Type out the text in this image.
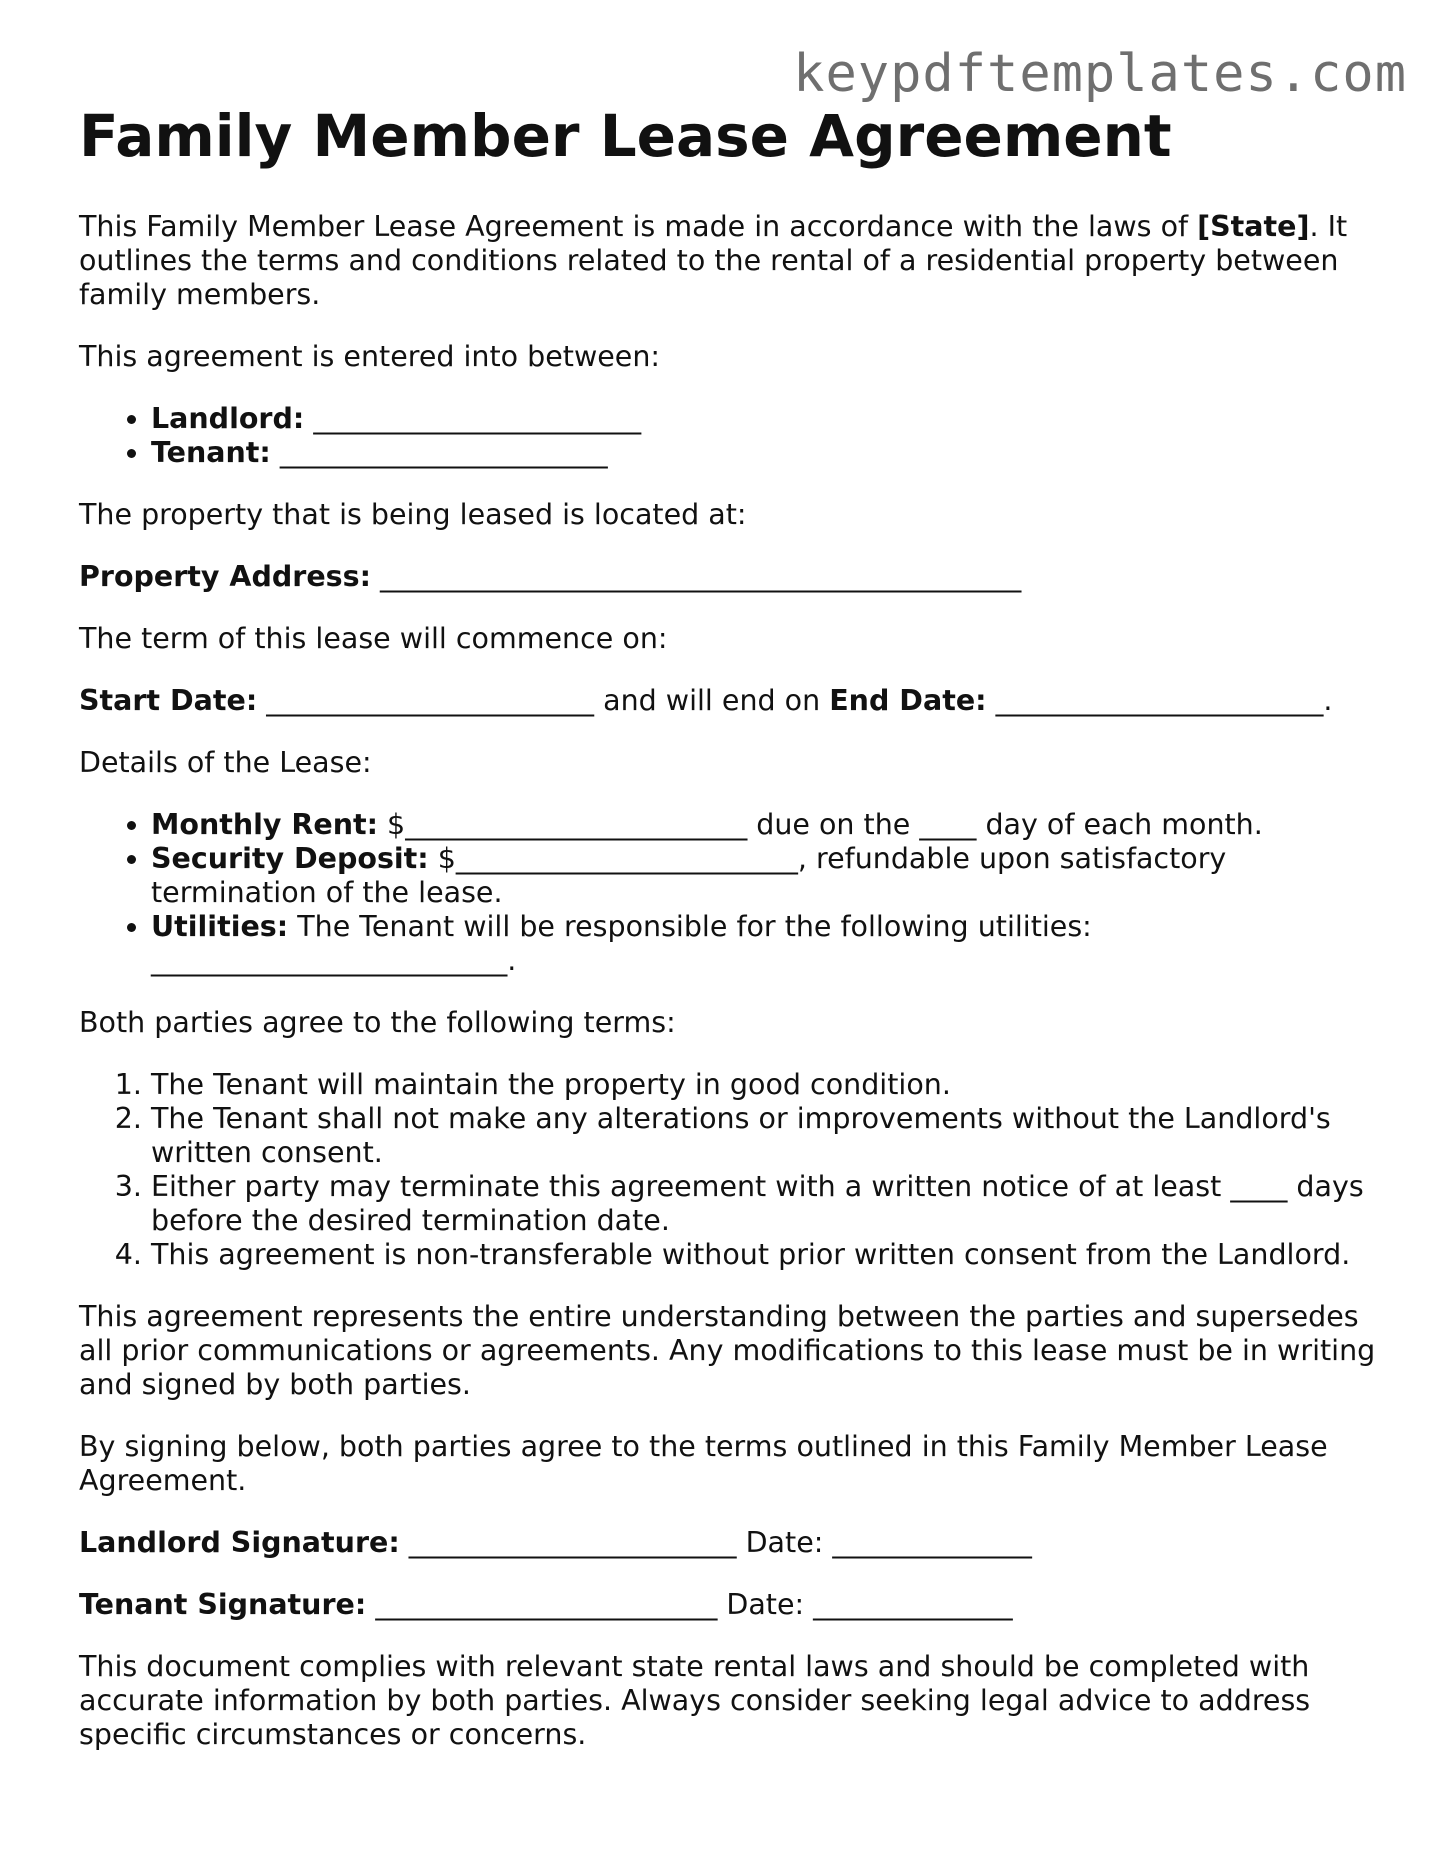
keypdftemplates.com
Family Member Lease Agreement

This Family Member Lease Agreement is made in accordance with the laws of [State]. It outlines the terms and conditions related to the rental of a residential property between family members.

This agreement is entered into between:

• Landlord: _______________________
• Tenant: _______________________

The property that is being leased is located at:

Property Address: _____________________________________________

The term of this lease will commence on:

Start Date: _______________________ and will end on End Date: _______________________.

Details of the Lease:

• Monthly Rent: $________________________ due on the ____ day of each month.
• Security Deposit: $________________________, refundable upon satisfactory termination of the lease.
• Utilities: The Tenant will be responsible for the following utilities: _________________________.

Both parties agree to the following terms:

1. The Tenant will maintain the property in good condition.
2. The Tenant shall not make any alterations or improvements without the Landlord's written consent.
3. Either party may terminate this agreement with a written notice of at least ____ days before the desired termination date.
4. This agreement is non-transferable without prior written consent from the Landlord.

This agreement represents the entire understanding between the parties and supersedes all prior communications or agreements. Any modifications to this lease must be in writing and signed by both parties.

By signing below, both parties agree to the terms outlined in this Family Member Lease Agreement.

Landlord Signature: _______________________ Date: ______________

Tenant Signature: ________________________ Date: ______________

This document complies with relevant state rental laws and should be completed with accurate information by both parties. Always consider seeking legal advice to address specific circumstances or concerns.
